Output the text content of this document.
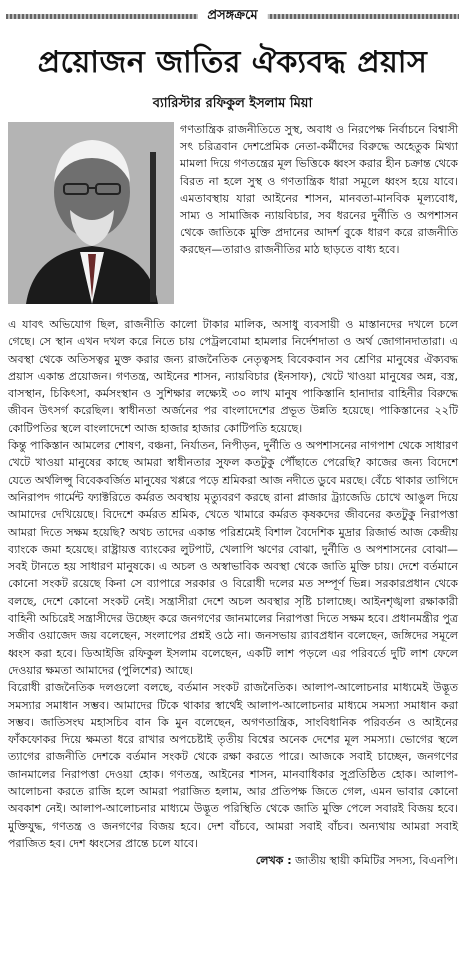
প্রসঙ্গক্রমে
প্রয়োজন জাতির ঐক্যবদ্ধ প্রয়াস
ব্যারিস্টার রফিকুল ইসলাম মিয়া

গণতান্ত্রিক রাজনীতিতে সুস্থ, অবাধ ও নিরপেক্ষ নির্বাচনে বিশ্বাসী সৎ চরিত্রবান দেশপ্রেমিক নেতা-কর্মীদের বিরুদ্ধে অহেতুক মিথ্যা মামলা দিয়ে গণতন্ত্রের মূল ভিত্তিকে ধ্বংস করার হীন চক্রান্ত থেকে বিরত না হলে সুস্থ ও গণতান্ত্রিক ধারা সমূলে ধ্বংস হয়ে যাবে। এমতাবস্থায় যারা আইনের শাসন, মানবতা-মানবিক মূল্যবোধ, সাম্য ও সামাজিক ন্যায়বিচার, সব ধরনের দুর্নীতি ও অপশাসন থেকে জাতিকে মুক্তি প্রদানের আদর্শ বুকে ধারণ করে রাজনীতি করছেন—তারাও রাজনীতির মাঠ ছাড়তে বাধ্য হবে।

এ যাবৎ অভিযোগ ছিল, রাজনীতি কালো টাকার মালিক, অসাধু ব্যবসায়ী ও মাস্তানদের দখলে চলে গেছে। সে স্থান এখন দখল করে নিতে চায় পেট্রলবোমা হামলার নির্দেশদাতা ও অর্থ জোগানদাতারা। এ অবস্থা থেকে অতিসত্বর মুক্ত করার জন্য রাজনৈতিক নেতৃত্বসহ বিবেকবান সব শ্রেণির মানুষের ঐক্যবদ্ধ প্রয়াস একান্ত প্রয়োজন। গণতন্ত্র, আইনের শাসন, ন্যায়বিচার (ইনসাফ), খেটে খাওয়া মানুষের অন্ন, বস্ত্র, বাসস্থান, চিকিৎসা, কর্মসংস্থান ও সুশিক্ষার লক্ষ্যেই ৩০ লাখ মানুষ পাকিস্তানি হানাদার বাহিনীর বিরুদ্ধে জীবন উৎসর্গ করেছিল। স্বাধীনতা অর্জনের পর বাংলাদেশের প্রভূত উন্নতি হয়েছে। পাকিস্তানের ২২টি কোটিপতির স্থলে বাংলাদেশে আজ হাজার হাজার কোটিপতি হয়েছে।

কিন্তু পাকিস্তান আমলের শোষণ, বঞ্চনা, নির্যাতন, নিপীড়ন, দুর্নীতি ও অপশাসনের নাগপাশ থেকে সাধারণ খেটে খাওয়া মানুষের কাছে আমরা স্বাধীনতার সুফল কতটুকু পৌঁছাতে পেরেছি? কাজের জন্য বিদেশে যেতে অর্থলিপ্সু বিবেকবর্জিত মানুষের খপ্পরে পড়ে শ্রমিকরা আজ নদীতে ডুবে মরছে। বেঁচে থাকার তাগিদে অনিরাপদ গার্মেন্ট ফ্যাক্টরিতে কর্মরত অবস্থায় মৃত্যুবরণ করছে রানা প্লাজার ট্র্যাজেডি চোখে আঙুল দিয়ে আমাদের দেখিয়েছে। বিদেশে কর্মরত শ্রমিক, খেতে খামারে কর্মরত কৃষকদের জীবনের কতটুকু নিরাপত্তা আমরা দিতে সক্ষম হয়েছি? অথচ তাদের একান্ত পরিশ্রমেই বিশাল বৈদেশিক মুদ্রার রিজার্ভ আজ কেন্দ্রীয় ব্যাংকে জমা হয়েছে। রাষ্ট্রায়ত্ত ব্যাংকের লুটপাট, খেলাপি ঋণের বোঝা, দুর্নীতি ও অপশাসনের বোঝা— সবই টানতে হয় সাধারণ মানুষকে। এ অচল ও অস্বাভাবিক অবস্থা থেকে জাতি মুক্তি চায়। দেশে বর্তমানে কোনো সংকট রয়েছে কিনা সে ব্যাপারে সরকার ও বিরোধী দলের মত সম্পূর্ণ ভিন্ন। সরকারপ্রধান থেকে বলছে, দেশে কোনো সংকট নেই। সন্ত্রাসীরা দেশে অচল অবস্থার সৃষ্টি চালাচ্ছে। আইনশৃঙ্খলা রক্ষাকারী বাহিনী অচিরেই সন্ত্রাসীদের উচ্ছেদ করে জনগণের জানমালের নিরাপত্তা দিতে সক্ষম হবে। প্রধানমন্ত্রীর পুত্র সজীব ওয়াজেদ জয় বলেছেন, সংলাপের প্রশ্নই ওঠে না। জনসভায় র‌্যাবপ্রধান বলেছেন, জঙ্গিদের সমূলে ধ্বংস করা হবে। ডিআইজি রফিকুল ইসলাম বলেছেন, একটি লাশ পড়লে এর পরিবর্তে দুটি লাশ ফেলে দেওয়ার ক্ষমতা আমাদের (পুলিশের) আছে।

বিরোধী রাজনৈতিক দলগুলো বলছে, বর্তমান সংকট রাজনৈতিক। আলাপ-আলোচনার মাধ্যমেই উদ্ভূত সমস্যার সমাধান সম্ভব। আমাদের টিকে থাকার স্বার্থেই আলাপ-আলোচনার মাধ্যমে সমস্যা সমাধান করা সম্ভব। জাতিসংঘ মহাসচিব বান কি মুন বলেছেন, অগণতান্ত্রিক, সাংবিধানিক পরিবর্তন ও আইনের ফাঁকফোকর দিয়ে ক্ষমতা ধরে রাখার অপচেষ্টাই তৃতীয় বিশ্বের অনেক দেশের মূল সমস্যা। ভোগের স্থলে ত্যাগের রাজনীতি দেশকে বর্তমান সংকট থেকে রক্ষা করতে পারে। আজকে সবাই চাচ্ছেন, জনগণের জানমালের নিরাপত্তা দেওয়া হোক। গণতন্ত্র, আইনের শাসন, মানবাধিকার সুপ্রতিষ্ঠিত হোক। আলাপ-আলোচনা করতে রাজি হলে আমরা পরাজিত হলাম, আর প্রতিপক্ষ জিতে গেল, এমন ভাবার কোনো অবকাশ নেই। আলাপ-আলোচনার মাধ্যমে উদ্ভূত পরিস্থিতি থেকে জাতি মুক্তি পেলে সবারই বিজয় হবে। মুক্তিযুদ্ধ, গণতন্ত্র ও জনগণের বিজয় হবে। দেশ বাঁচবে, আমরা সবাই বাঁচব। অন্যথায় আমরা সবাই পরাজিত হব। দেশ ধ্বংসের প্রান্তে চলে যাবে।

লেখক : জাতীয় স্থায়ী কমিটির সদস্য, বিএনপি।
